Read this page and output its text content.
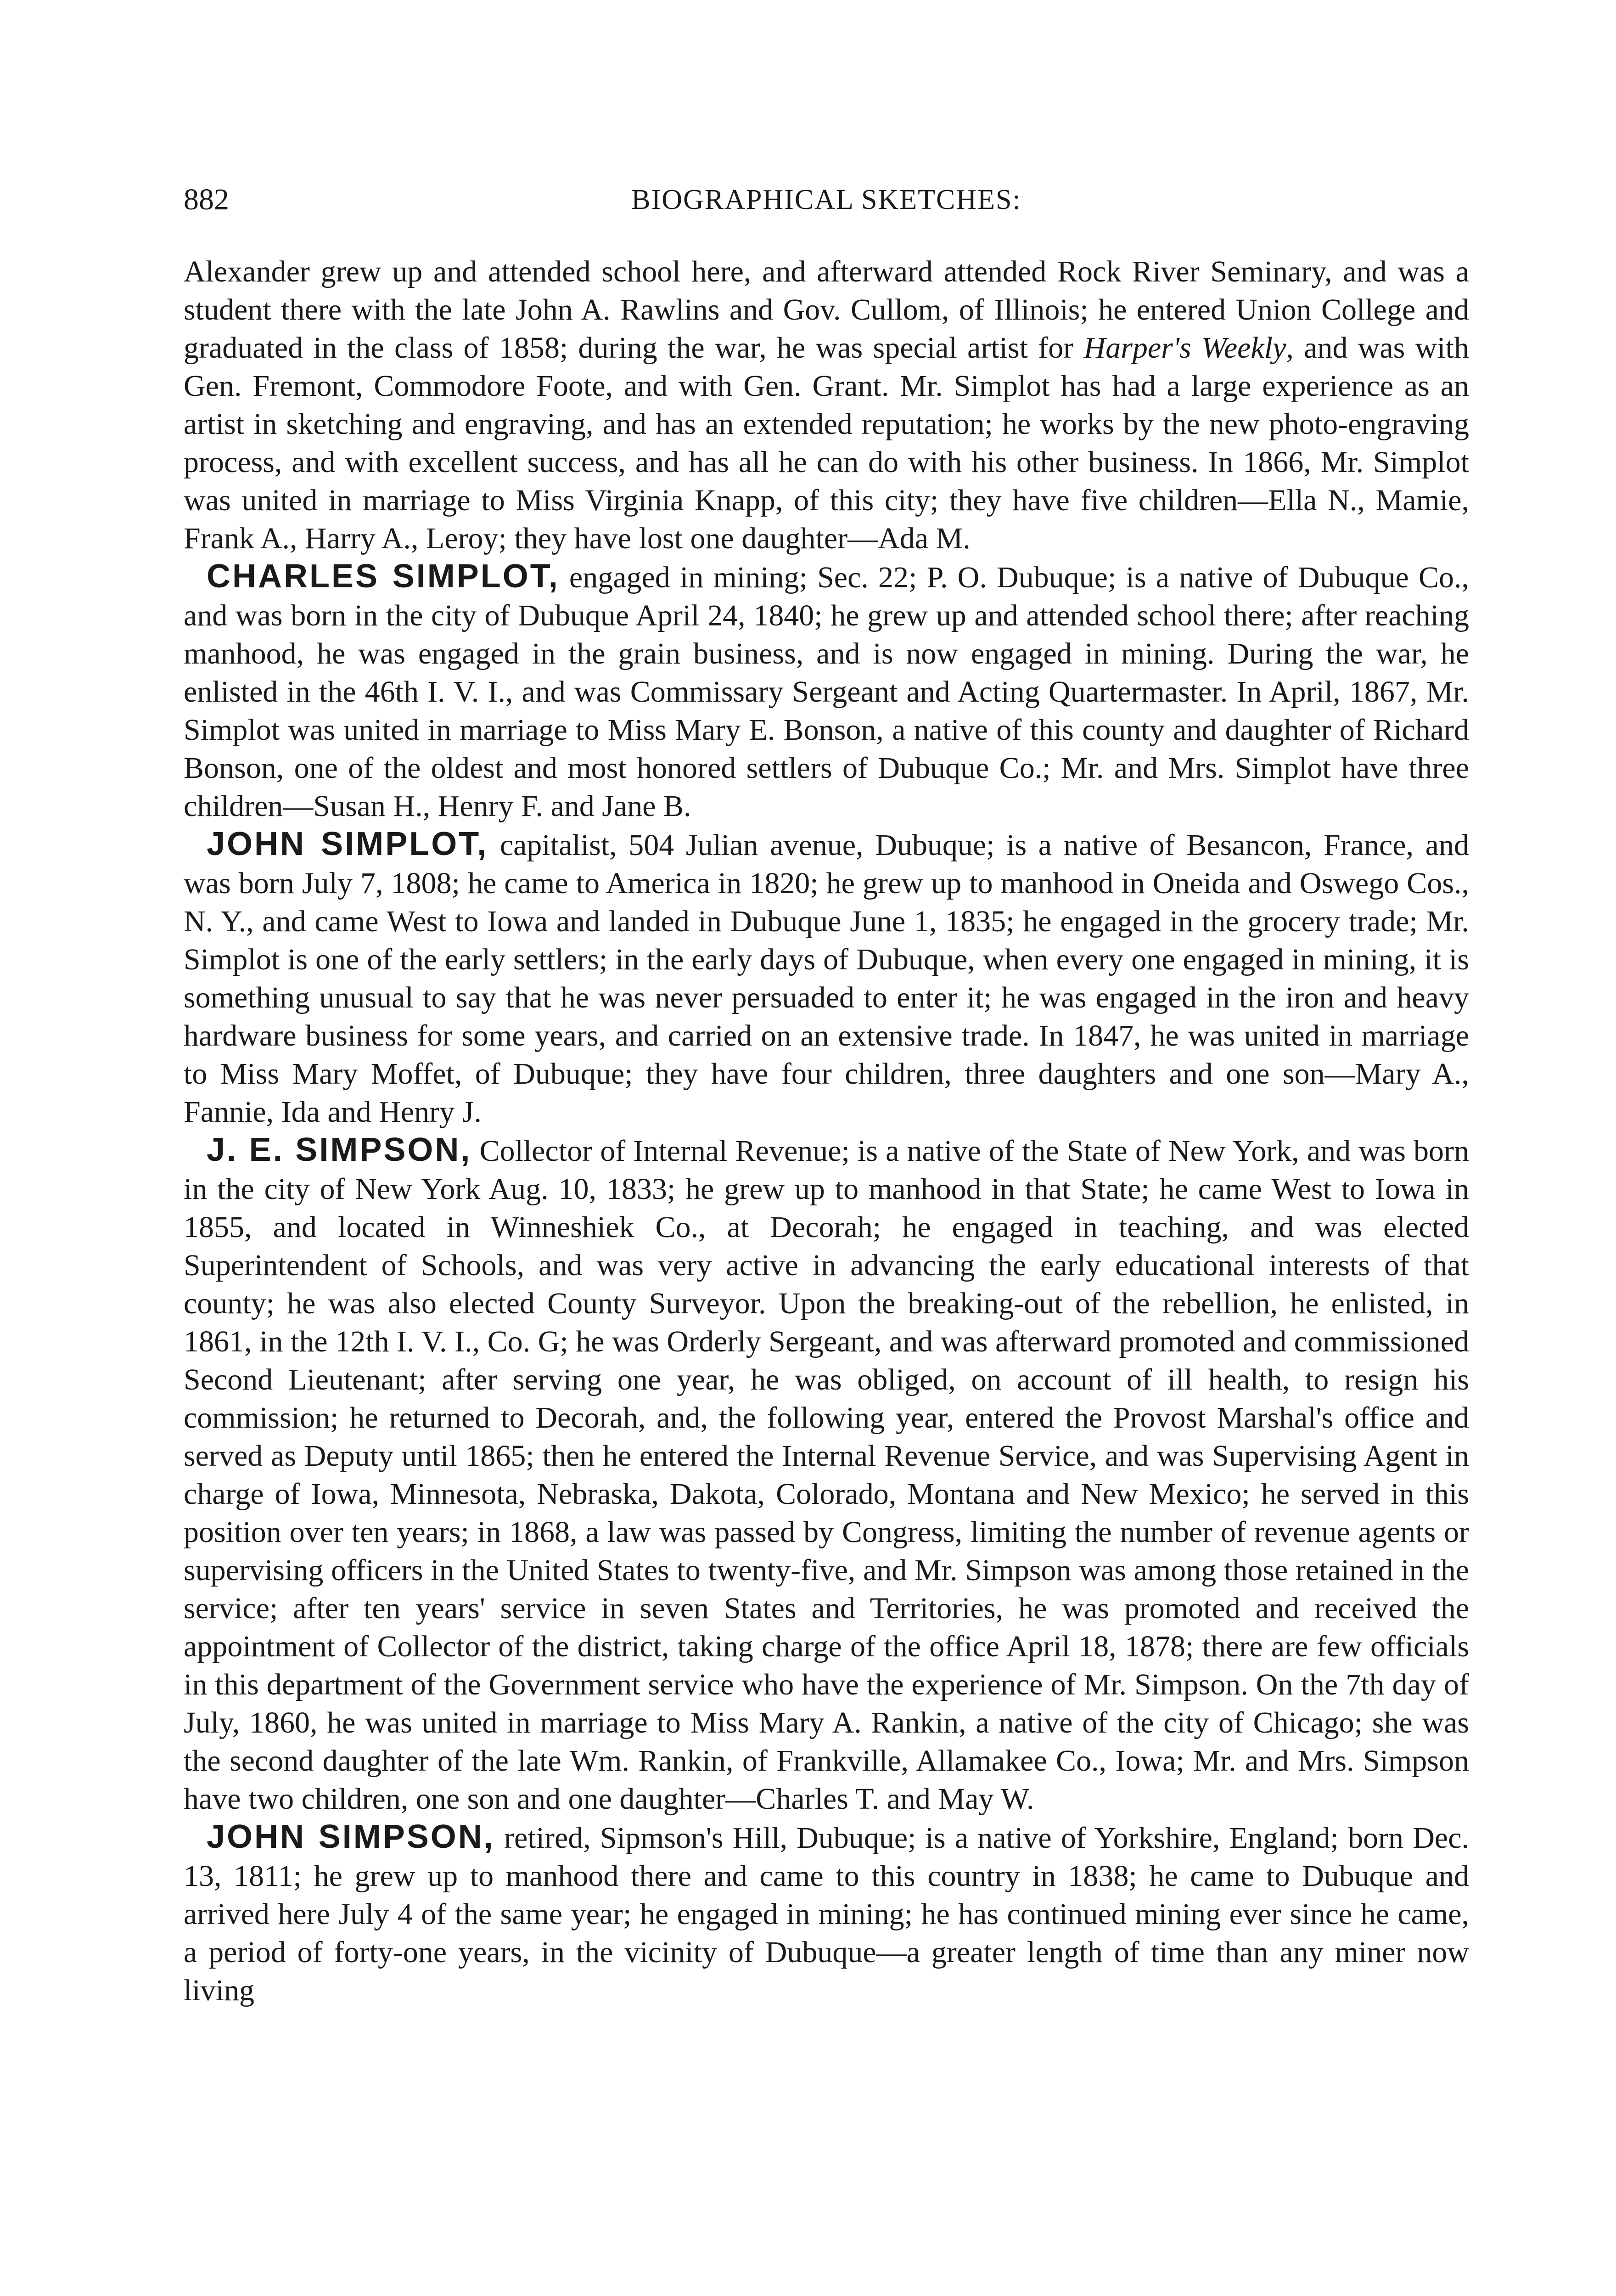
882	BIOGRAPHICAL SKETCHES:

Alexander grew up and attended school here, and afterward attended Rock River Seminary, and was a student there with the late John A. Rawlins and Gov. Cullom, of Illinois; he entered Union College and graduated in the class of 1858; during the war, he was special artist for Harper's Weekly, and was with Gen. Fremont, Commodore Foote, and with Gen. Grant. Mr. Simplot has had a large experience as an artist in sketching and engraving, and has an extended reputation; he works by the new photo-engraving process, and with excellent success, and has all he can do with his other business. In 1866, Mr. Simplot was united in marriage to Miss Virginia Knapp, of this city; they have five children—Ella N., Mamie, Frank A., Harry A., Leroy; they have lost one daughter—Ada M.

CHARLES SIMPLOT, engaged in mining; Sec. 22; P. O. Dubuque; is a native of Dubuque Co., and was born in the city of Dubuque April 24, 1840; he grew up and attended school there; after reaching manhood, he was engaged in the grain business, and is now engaged in mining. During the war, he enlisted in the 46th I. V. I., and was Commissary Sergeant and Acting Quartermaster. In April, 1867, Mr. Simplot was united in marriage to Miss Mary E. Bonson, a native of this county and daughter of Richard Bonson, one of the oldest and most honored settlers of Dubuque Co.; Mr. and Mrs. Simplot have three children—Susan H., Henry F. and Jane B.

JOHN SIMPLOT, capitalist, 504 Julian avenue, Dubuque; is a native of Besancon, France, and was born July 7, 1808; he came to America in 1820; he grew up to manhood in Oneida and Oswego Cos., N. Y., and came West to Iowa and landed in Dubuque June 1, 1835; he engaged in the grocery trade; Mr. Simplot is one of the early settlers; in the early days of Dubuque, when every one engaged in mining, it is something unusual to say that he was never persuaded to enter it; he was engaged in the iron and heavy hardware business for some years, and carried on an extensive trade. In 1847, he was united in marriage to Miss Mary Moffet, of Dubuque; they have four children, three daughters and one son—Mary A., Fannie, Ida and Henry J.

J. E. SIMPSON, Collector of Internal Revenue; is a native of the State of New York, and was born in the city of New York Aug. 10, 1833; he grew up to manhood in that State; he came West to Iowa in 1855, and located in Winneshiek Co., at Decorah; he engaged in teaching, and was elected Superintendent of Schools, and was very active in advancing the early educational interests of that county; he was also elected County Surveyor. Upon the breaking-out of the rebellion, he enlisted, in 1861, in the 12th I. V. I., Co. G; he was Orderly Sergeant, and was afterward promoted and commissioned Second Lieutenant; after serving one year, he was obliged, on account of ill health, to resign his commission; he returned to Decorah, and, the following year, entered the Provost Marshal's office and served as Deputy until 1865; then he entered the Internal Revenue Service, and was Supervising Agent in charge of Iowa, Minnesota, Nebraska, Dakota, Colorado, Montana and New Mexico; he served in this position over ten years; in 1868, a law was passed by Congress, limiting the number of revenue agents or supervising officers in the United States to twenty-five, and Mr. Simpson was among those retained in the service; after ten years' service in seven States and Territories, he was promoted and received the appointment of Collector of the district, taking charge of the office April 18, 1878; there are few officials in this department of the Government service who have the experience of Mr. Simpson. On the 7th day of July, 1860, he was united in marriage to Miss Mary A. Rankin, a native of the city of Chicago; she was the second daughter of the late Wm. Rankin, of Frankville, Allamakee Co., Iowa; Mr. and Mrs. Simpson have two children, one son and one daughter—Charles T. and May W.

JOHN SIMPSON, retired, Sipmson's Hill, Dubuque; is a native of Yorkshire, England; born Dec. 13, 1811; he grew up to manhood there and came to this country in 1838; he came to Dubuque and arrived here July 4 of the same year; he engaged in mining; he has continued mining ever since he came, a period of forty-one years, in the vicinity of Dubuque—a greater length of time than any miner now living
